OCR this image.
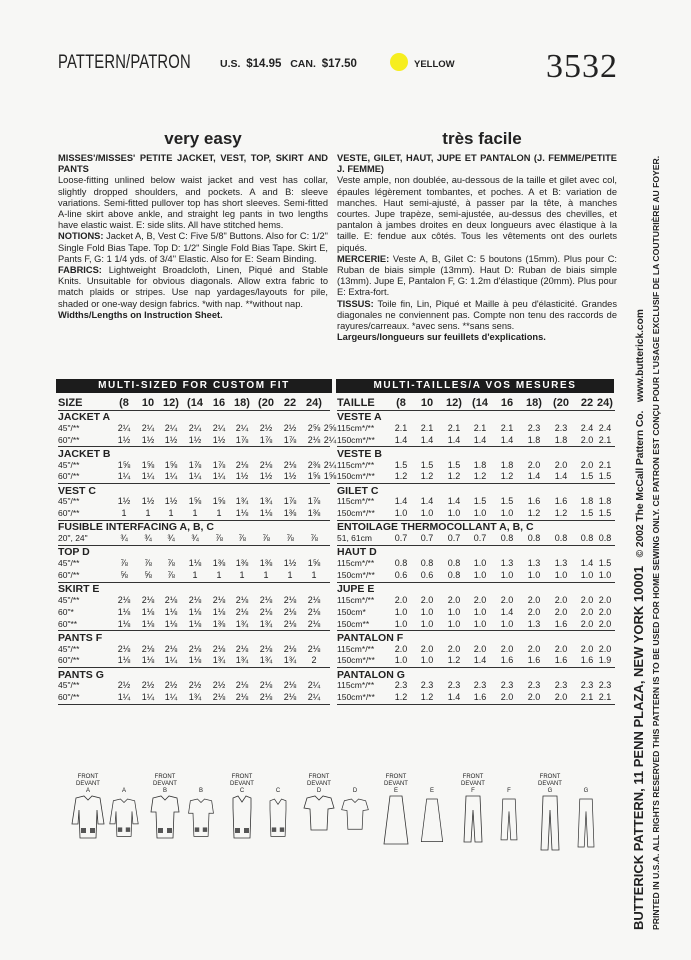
PATTERN/PATRON	U.S. $14.95 CAN. $17.50	YELLOW	3532
very easy
MISSES'/MISSES' PETITE JACKET, VEST, TOP, SKIRT AND PANTS
Loose-fitting unlined below waist jacket and vest has collar, slightly dropped shoulders, and pockets. A and B: sleeve variations. Semi-fitted pullover top has short sleeves. Semi-fitted A-line skirt above ankle, and straight leg pants in two lengths have elastic waist. E: side slits. All have stitched hems.
NOTIONS: Jacket A, B, Vest C: Five 5/8" Buttons. Also for C: 1/2" Single Fold Bias Tape. Top D: 1/2" Single Fold Bias Tape. Skirt E, Pants F, G: 1 1/4 yds. of 3/4" Elastic. Also for E: Seam Binding.
FABRICS: Lightweight Broadcloth, Linen, Piqué and Stable Knits. Unsuitable for obvious diagonals. Allow extra fabric to match plaids or stripes. Use nap yardages/layouts for pile, shaded or one-way design fabrics. *with nap. **without nap.
Widths/Lengths on Instruction Sheet.
très facile
VESTE, GILET, HAUT, JUPE ET PANTALON (J. FEMME/PETITE J. FEMME)
Veste ample, non doublée, au-dessous de la taille et gilet avec col, épaules légèrement tombantes, et poches. A et B: variation de manches. Haut semi-ajusté, à passer par la tête, à manches courtes. Jupe trapèze, semi-ajustée, au-dessus des chevilles, et pantalon à jambes droites en deux longueurs avec élastique à la taille. E: fendue aux côtés. Tous les vêtements ont des ourlets piqués.
MERCERIE: Veste A, B, Gilet C: 5 boutons (15mm). Plus pour C: Ruban de biais simple (13mm). Haut D: Ruban de biais simple (13mm). Jupe E, Pantalon F, G: 1.2m d'élastique (20mm). Plus pour E: Extra-fort.
TISSUS: Toile fin, Lin, Piqué et Maille à peu d'élasticité. Grandes diagonales ne conviennent pas. Compte non tenu des raccords de rayures/carreaux. *avec sens. **sans sens.
Largeurs/longueurs sur feuillets d'explications.
MULTI-SIZED FOR CUSTOM FIT	MULTI-TAILLES/A VOS MESURES
SIZE	(8	10 12) (14 16 18) (20 22 24)
JACKET A
45"/**	2¼	2¼	2¼	2¼	2¼	2¼	2½	2½	2⅝ 2⅝
60"/**	1½	1½	1½	1½	1½	1⅞	1⅞	1⅞	2⅛ 2¼
JACKET B
45"/**	1⅝	1⅝	1⅝	1⅞	1⅞	2⅛	2⅛	2⅛	2⅜ 2¼
60"/**	1¼	1¼	1¼	1¼	1¼	1½	1½	1½	1⅝ 1⅝
VEST C
45"/**	1½	1½	1½	1⅝	1⅝	1¾	1¾	1⅞	1⅞
60"/**	1	1	1	1	1	1⅛	1⅛	1⅜	1⅜
FUSIBLE INTERFACING A, B, C
20", 24"	¾	¾	¾	¾	⅞	⅞	⅞	⅞	⅞
TOP D
45"/**	⅞	⅞	⅞	1⅛	1⅜	1⅜	1⅜	1½	1⅝
60"/**	⅝	⅝	⅞	1	1	1	1	1	1
SKIRT E
45"/**	2⅛	2⅛	2⅛	2⅛	2⅛	2⅛	2⅛	2⅛	2⅛
60"*	1⅛	1⅛	1⅛	1⅛	1⅛	2⅛	2⅛	2⅛	2⅛
60"**	1⅛	1⅛	1⅛	1⅛	1⅜	1¾	1¾	2⅛	2⅛
PANTS F
45"/**	2⅛	2⅛	2⅛	2⅛	2⅛	2⅛	2⅛	2⅛	2⅛
60"/**	1⅛	1⅛	1¼	1⅛	1¾	1¾	1¾	1¾	2
PANTS G
45"/**	2½	2½	2½	2½	2½	2⅛	2⅛	2⅛	2¼
60"/**	1¼	1¼	1¼	1¾	2⅛	2⅛	2⅛	2⅛	2¼
TAILLE	(8	10	12) (14	16	18)	(20	22 24)
VESTE A
115cm*/**	2.1	2.1	2.1	2.1	2.1	2.3	2.3	2.4 2.4
150cm*/**	1.4	1.4	1.4	1.4	1.4	1.8	1.8	2.0 2.1
VESTE B
115cm*/**	1.5	1.5	1.5	1.8	1.8	2.0	2.0	2.0 2.1
150cm*/**	1.2	1.2	1.2	1.2	1.2	1.4	1.4	1.5 1.5
GILET C
115cm*/**	1.4	1.4	1.4	1.5	1.5	1.6	1.6	1.8 1.8
150cm*/**	1.0	1.0	1.0	1.0	1.0	1.2	1.2	1.5 1.5
ENTOILAGE THERMOCOLLANT A, B, C
51, 61cm	0.7	0.7	0.7	0.7	0.8	0.8	0.8	0.8 0.8
HAUT D
115cm*/**	0.8	0.8	0.8	1.0	1.3	1.3	1.3	1.4 1.5
150cm*/**	0.6	0.6	0.8	1.0	1.0	1.0	1.0	1.0 1.0
JUPE E
115cm*/**	2.0	2.0	2.0	2.0	2.0	2.0	2.0	2.0 2.0
150cm*	1.0	1.0	1.0	1.0	1.4	2.0	2.0	2.0 2.0
150cm**	1.0	1.0	1.0	1.0	1.0	1.3	1.6	2.0 2.0
PANTALON F
115cm*/**	2.0	2.0	2.0	2.0	2.0	2.0	2.0	2.0 2.0
150cm*/**	1.0	1.0	1.2	1.4	1.6	1.6	1.6	1.6 1.9
PANTALON G
115cm*/**	2.3	2.3	2.3	2.3	2.3	2.3	2.3	2.3 2.3
150cm*/**	1.2	1.2	1.4	1.6	2.0	2.0	2.0	2.1 2.1
FRONT
DEVANT
A	A
FRONT
DEVANT
B	B
FRONT
DEVANT
C	C
FRONT
DEVANT
D	D
FRONT
DEVANT
E	E
FRONT
DEVANT
F	F
FRONT
DEVANT
G	G	BUTTERICK PATTERN, 11 PENN PLAZA, NEW YORK 10001   © 2002 The McCall Pattern Co.   www.butterick.com PRINTED IN U.S.A. ALL RIGHTS RESERVED THIS PATTERN IS TO BE USED FOR HOME SEWING ONLY. CE PATRON EST CONÇU POUR L'USAGE EXCLUSIF DE LA COUTURIÈRE AU FOYER.
